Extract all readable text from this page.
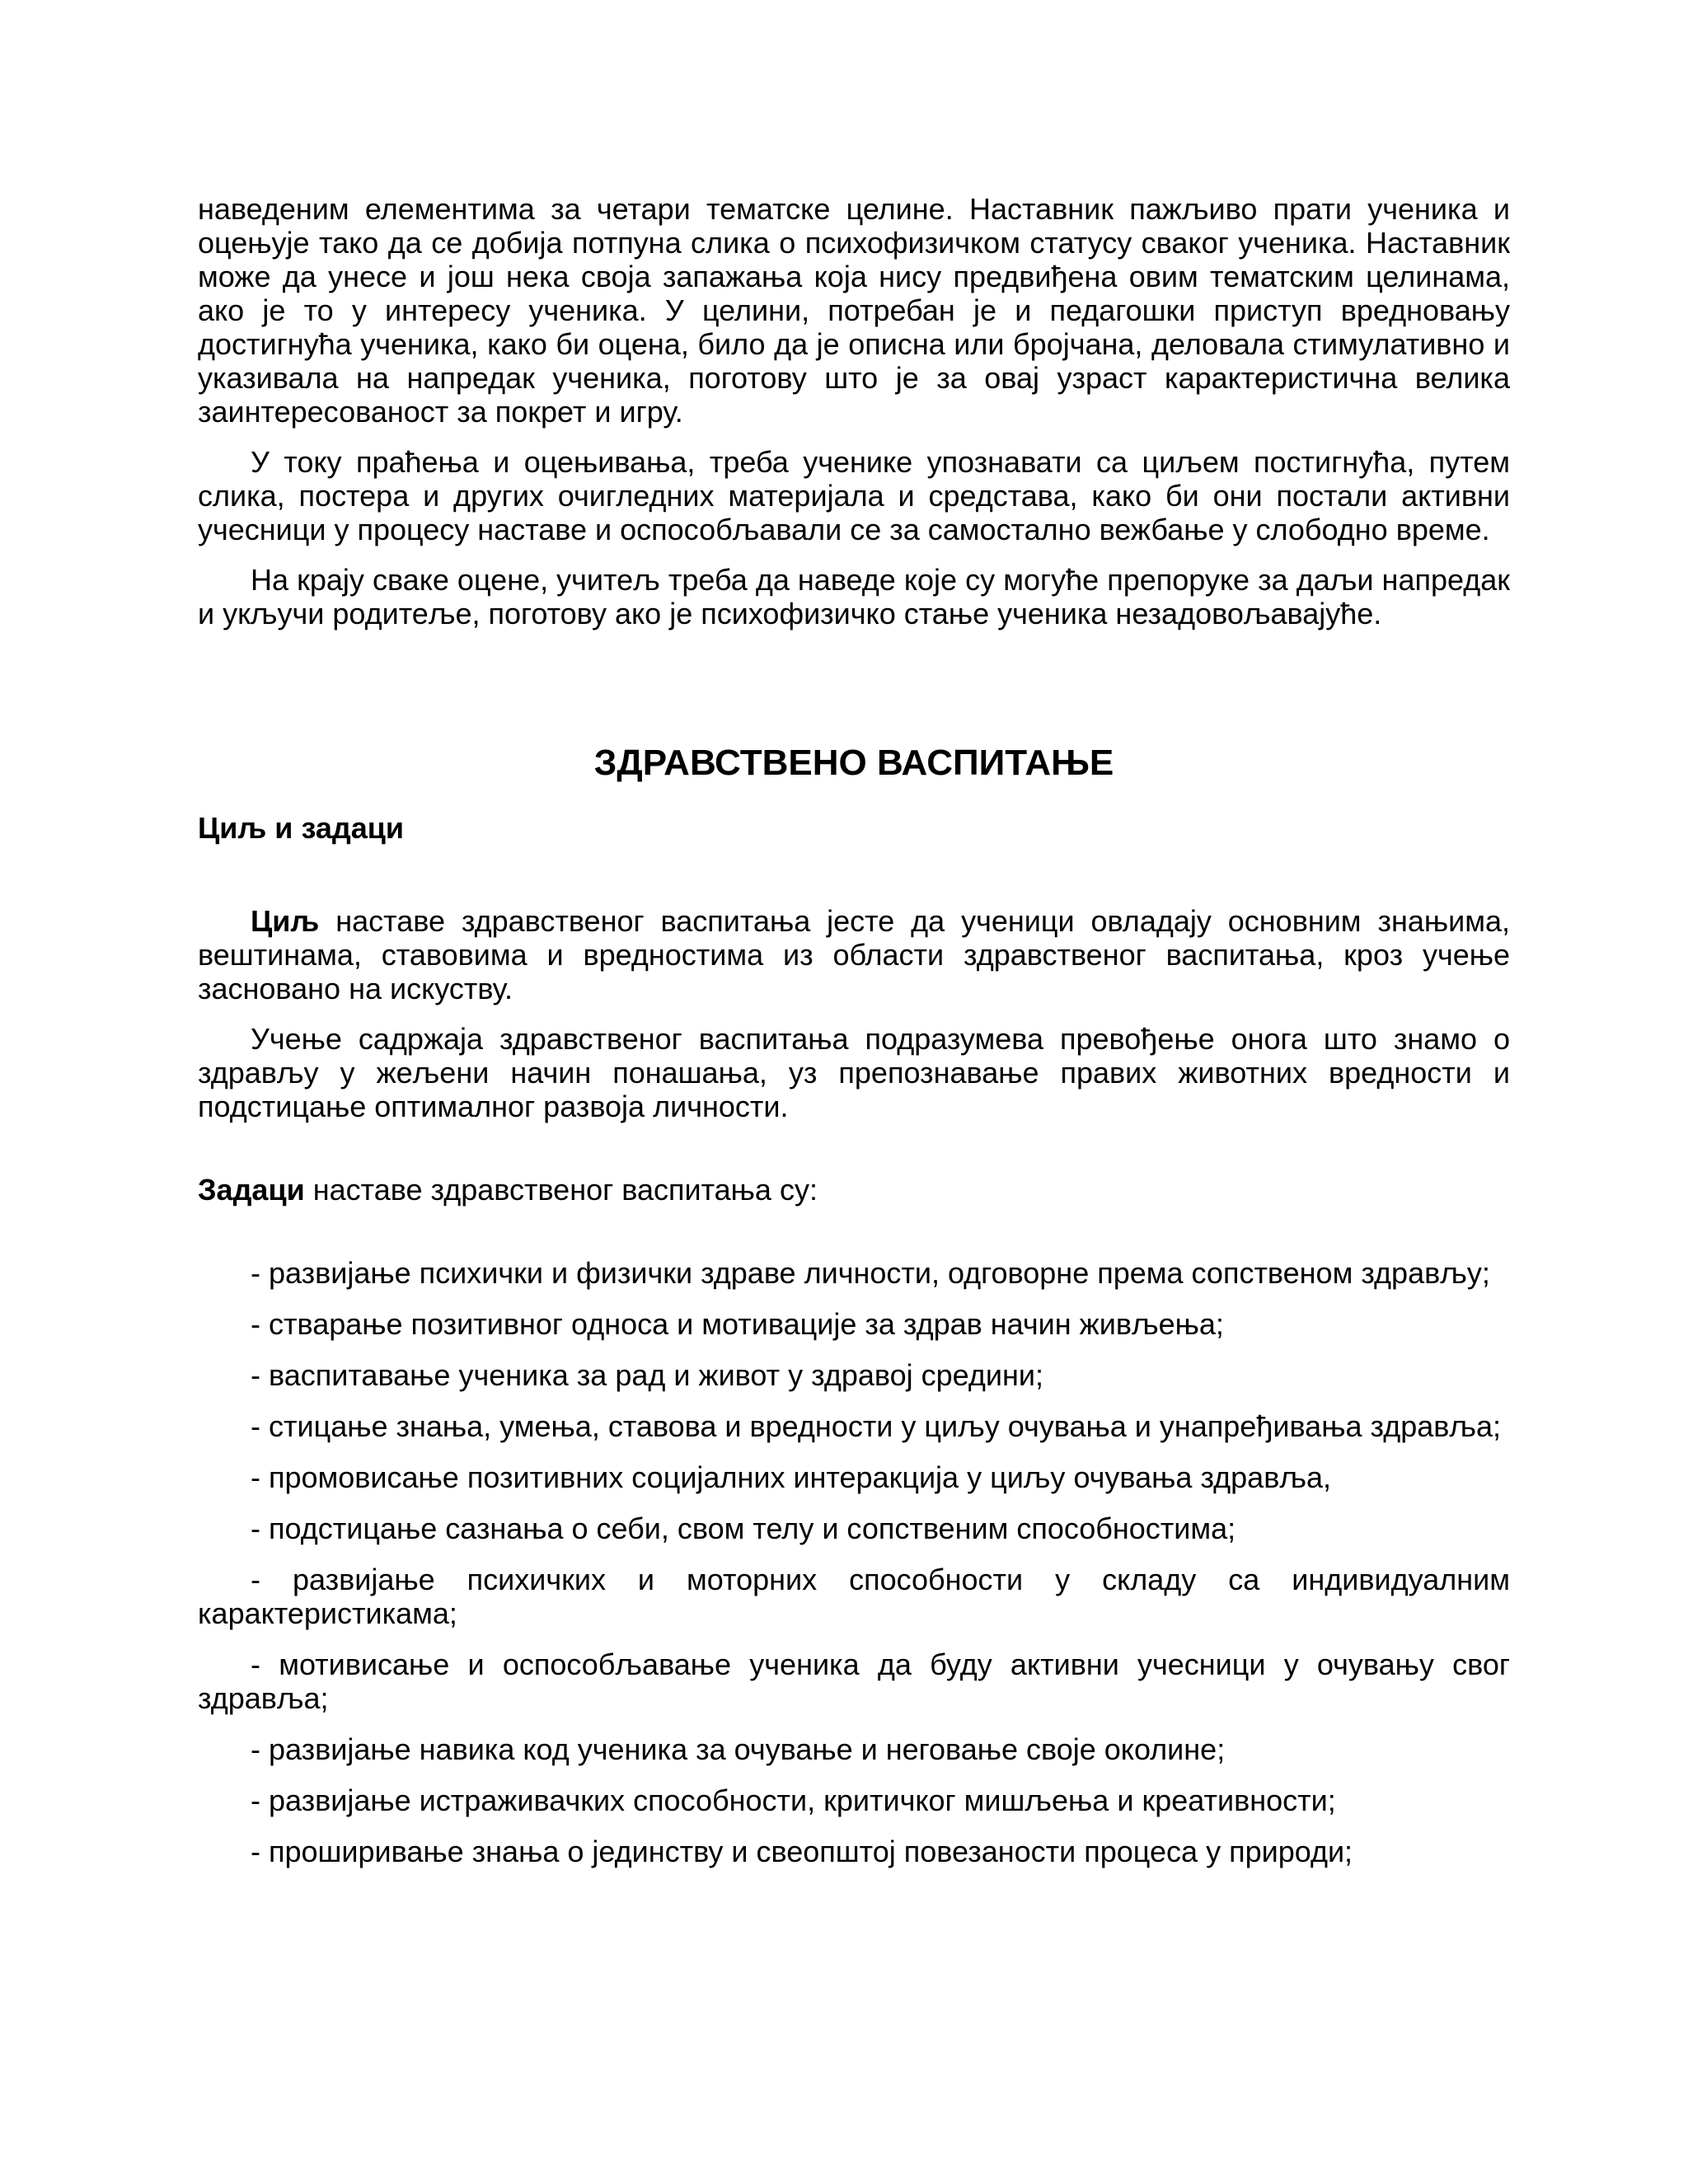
наведеним елементима за четари тематске целине. Наставник пажљиво прати ученика и оцењује тако да се добија потпуна слика о психофизичком статусу сваког ученика. Наставник може да унесе и још нека своја запажања која нису предвиђена овим тематским целинама, ако је то у интересу ученика. У целини, потребан је и педагошки приступ вредновању достигнућа ученика, како би оцена, било да је описна или бројчана, деловала стимулативно и указивала на напредак ученика, поготову што је за овај узраст карактеристична велика заинтересованост за покрет и игру.

У току праћења и оцењивања, треба ученике упознавати са циљем постигнућа, путем слика, постера и других очигледних материјала и средстава, како би они постали активни учесници у процесу наставе и оспособљавали се за самостално вежбање у слободно време.

На крају сваке оцене, учитељ треба да наведе које су могуће препоруке за даљи напредак и укључи родитеље, поготову ако је психофизичко стање ученика незадовољавајуће.

ЗДРАВСТВЕНО ВАСПИТАЊЕ

Циљ и задаци

Циљ наставе здравственог васпитања јесте да ученици овладају основним знањима, вештинама, ставовима и вредностима из области здравственог васпитања, кроз учење засновано на искуству.

Учење садржаја здравственог васпитања подразумева превођење онога што знамо о здрављу у жељени начин понашања, уз препознавање правих животних вредности и подстицање оптималног развоја личности.

Задаци наставе здравственог васпитања су:

- развијање психички и физички здраве личности, одговорне према сопственом здрављу;

- стварање позитивног односа и мотивације за здрав начин живљења;

- васпитавање ученика за рад и живот у здравој средини;

- стицање знања, умења, ставова и вредности у циљу очувања и унапређивања здравља;

- промовисање позитивних социјалних интеракција у циљу очувања здравља,

- подстицање сазнања о себи, свом телу и сопственим способностима;

- развијање психичких и моторних способности у складу са индивидуалним карактеристикама;

- мотивисање и оспособљавање ученика да буду активни учесници у очувању свог здравља;

- развијање навика код ученика за очување и неговање своје околине;

- развијање истраживачких способности, критичког мишљења и креативности;

- проширивање знања о јединству и свеопштој повезаности процеса у природи;
